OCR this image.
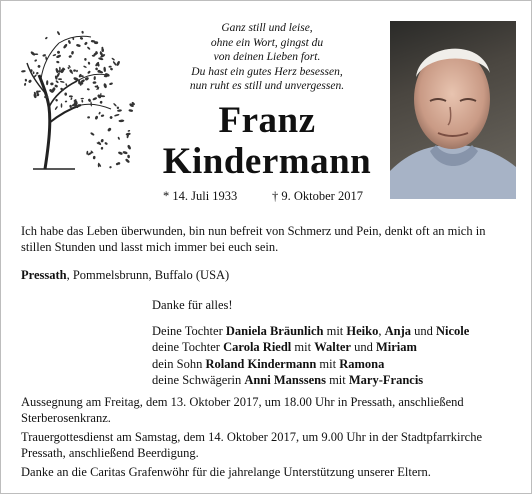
Ganz still und leise,
ohne ein Wort, gingst du
von deinen Lieben fort.
Du hast ein gutes Herz besessen,
nun ruht es still und unvergessen.
Franz
Kindermann
* 14. Juli 1933	† 9. Oktober 2017
Ich habe das Leben überwunden, bin nun befreit von Schmerz und Pein, denkt oft an mich in stillen Stunden und lasst mich immer bei euch sein.
Pressath, Pommelsbrunn, Buffalo (USA)
Danke für alles!
Deine Tochter Daniela Bräunlich mit Heiko, Anja und Nicole
deine Tochter Carola Riedl mit Walter und Miriam
dein Sohn Roland Kindermann mit Ramona
deine Schwägerin Anni Manssens mit Mary-Francis
Aussegnung am Freitag, dem 13. Oktober 2017, um 18.00 Uhr in Pressath, anschließend Sterberosenkranz.
Trauergottesdienst am Samstag, dem 14. Oktober 2017, um 9.00 Uhr in der Stadtpfarrkirche Pressath, anschließend Beerdigung.
Danke an die Caritas Grafenwöhr für die jahrelange Unterstützung unserer Eltern.
